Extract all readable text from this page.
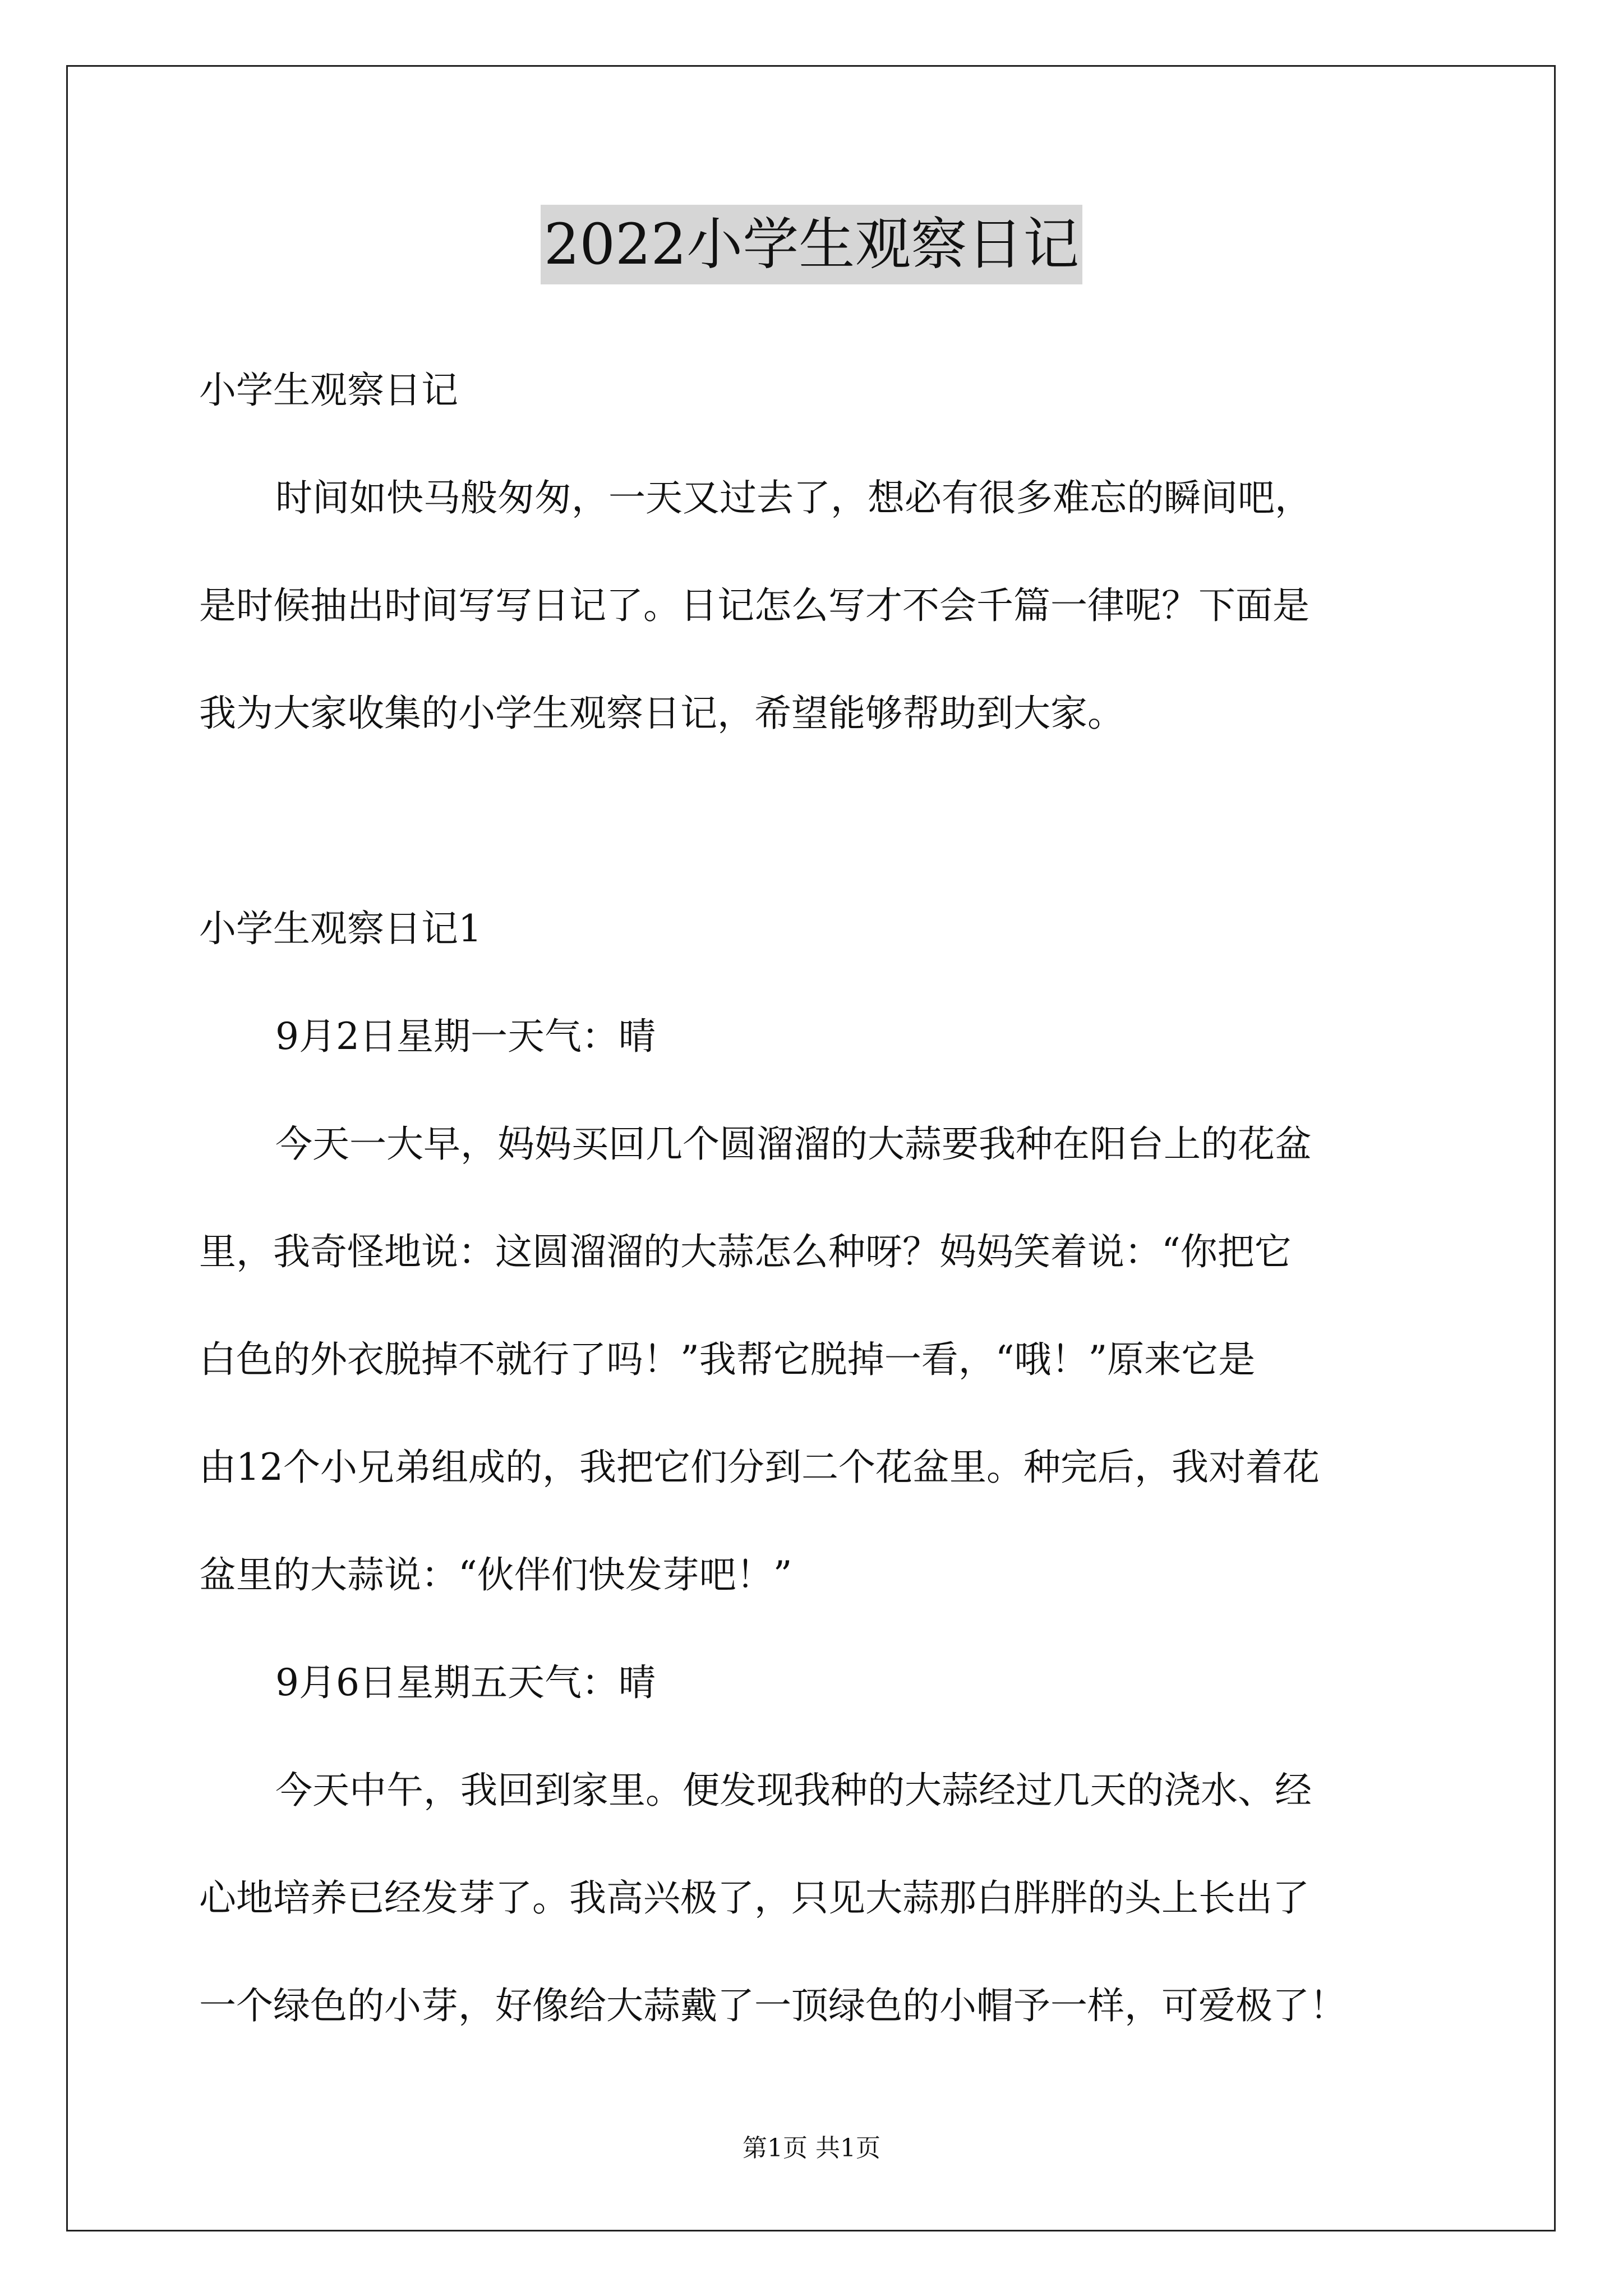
2022小学生观察日记

小学生观察日记

时间如快马般匆匆，一天又过去了，想必有很多难忘的瞬间吧，

是时候抽出时间写写日记了。日记怎么写才不会千篇一律呢？下面是

我为大家收集的小学生观察日记，希望能够帮助到大家。

小学生观察日记1

9月2日星期一天气：晴

今天一大早，妈妈买回几个圆溜溜的大蒜要我种在阳台上的花盆

里，我奇怪地说：这圆溜溜的大蒜怎么种呀？妈妈笑着说：“你把它

白色的外衣脱掉不就行了吗！”我帮它脱掉一看，“哦！”原来它是

由12个小兄弟组成的，我把它们分到二个花盆里。种完后，我对着花

盆里的大蒜说：“伙伴们快发芽吧！”

9月6日星期五天气：晴

今天中午，我回到家里。便发现我种的大蒜经过几天的浇水、经

心地培养已经发芽了。我高兴极了，只见大蒜那白胖胖的头上长出了

一个绿色的小芽，好像给大蒜戴了一顶绿色的小帽予一样，可爱极了！

第1页 共1页
